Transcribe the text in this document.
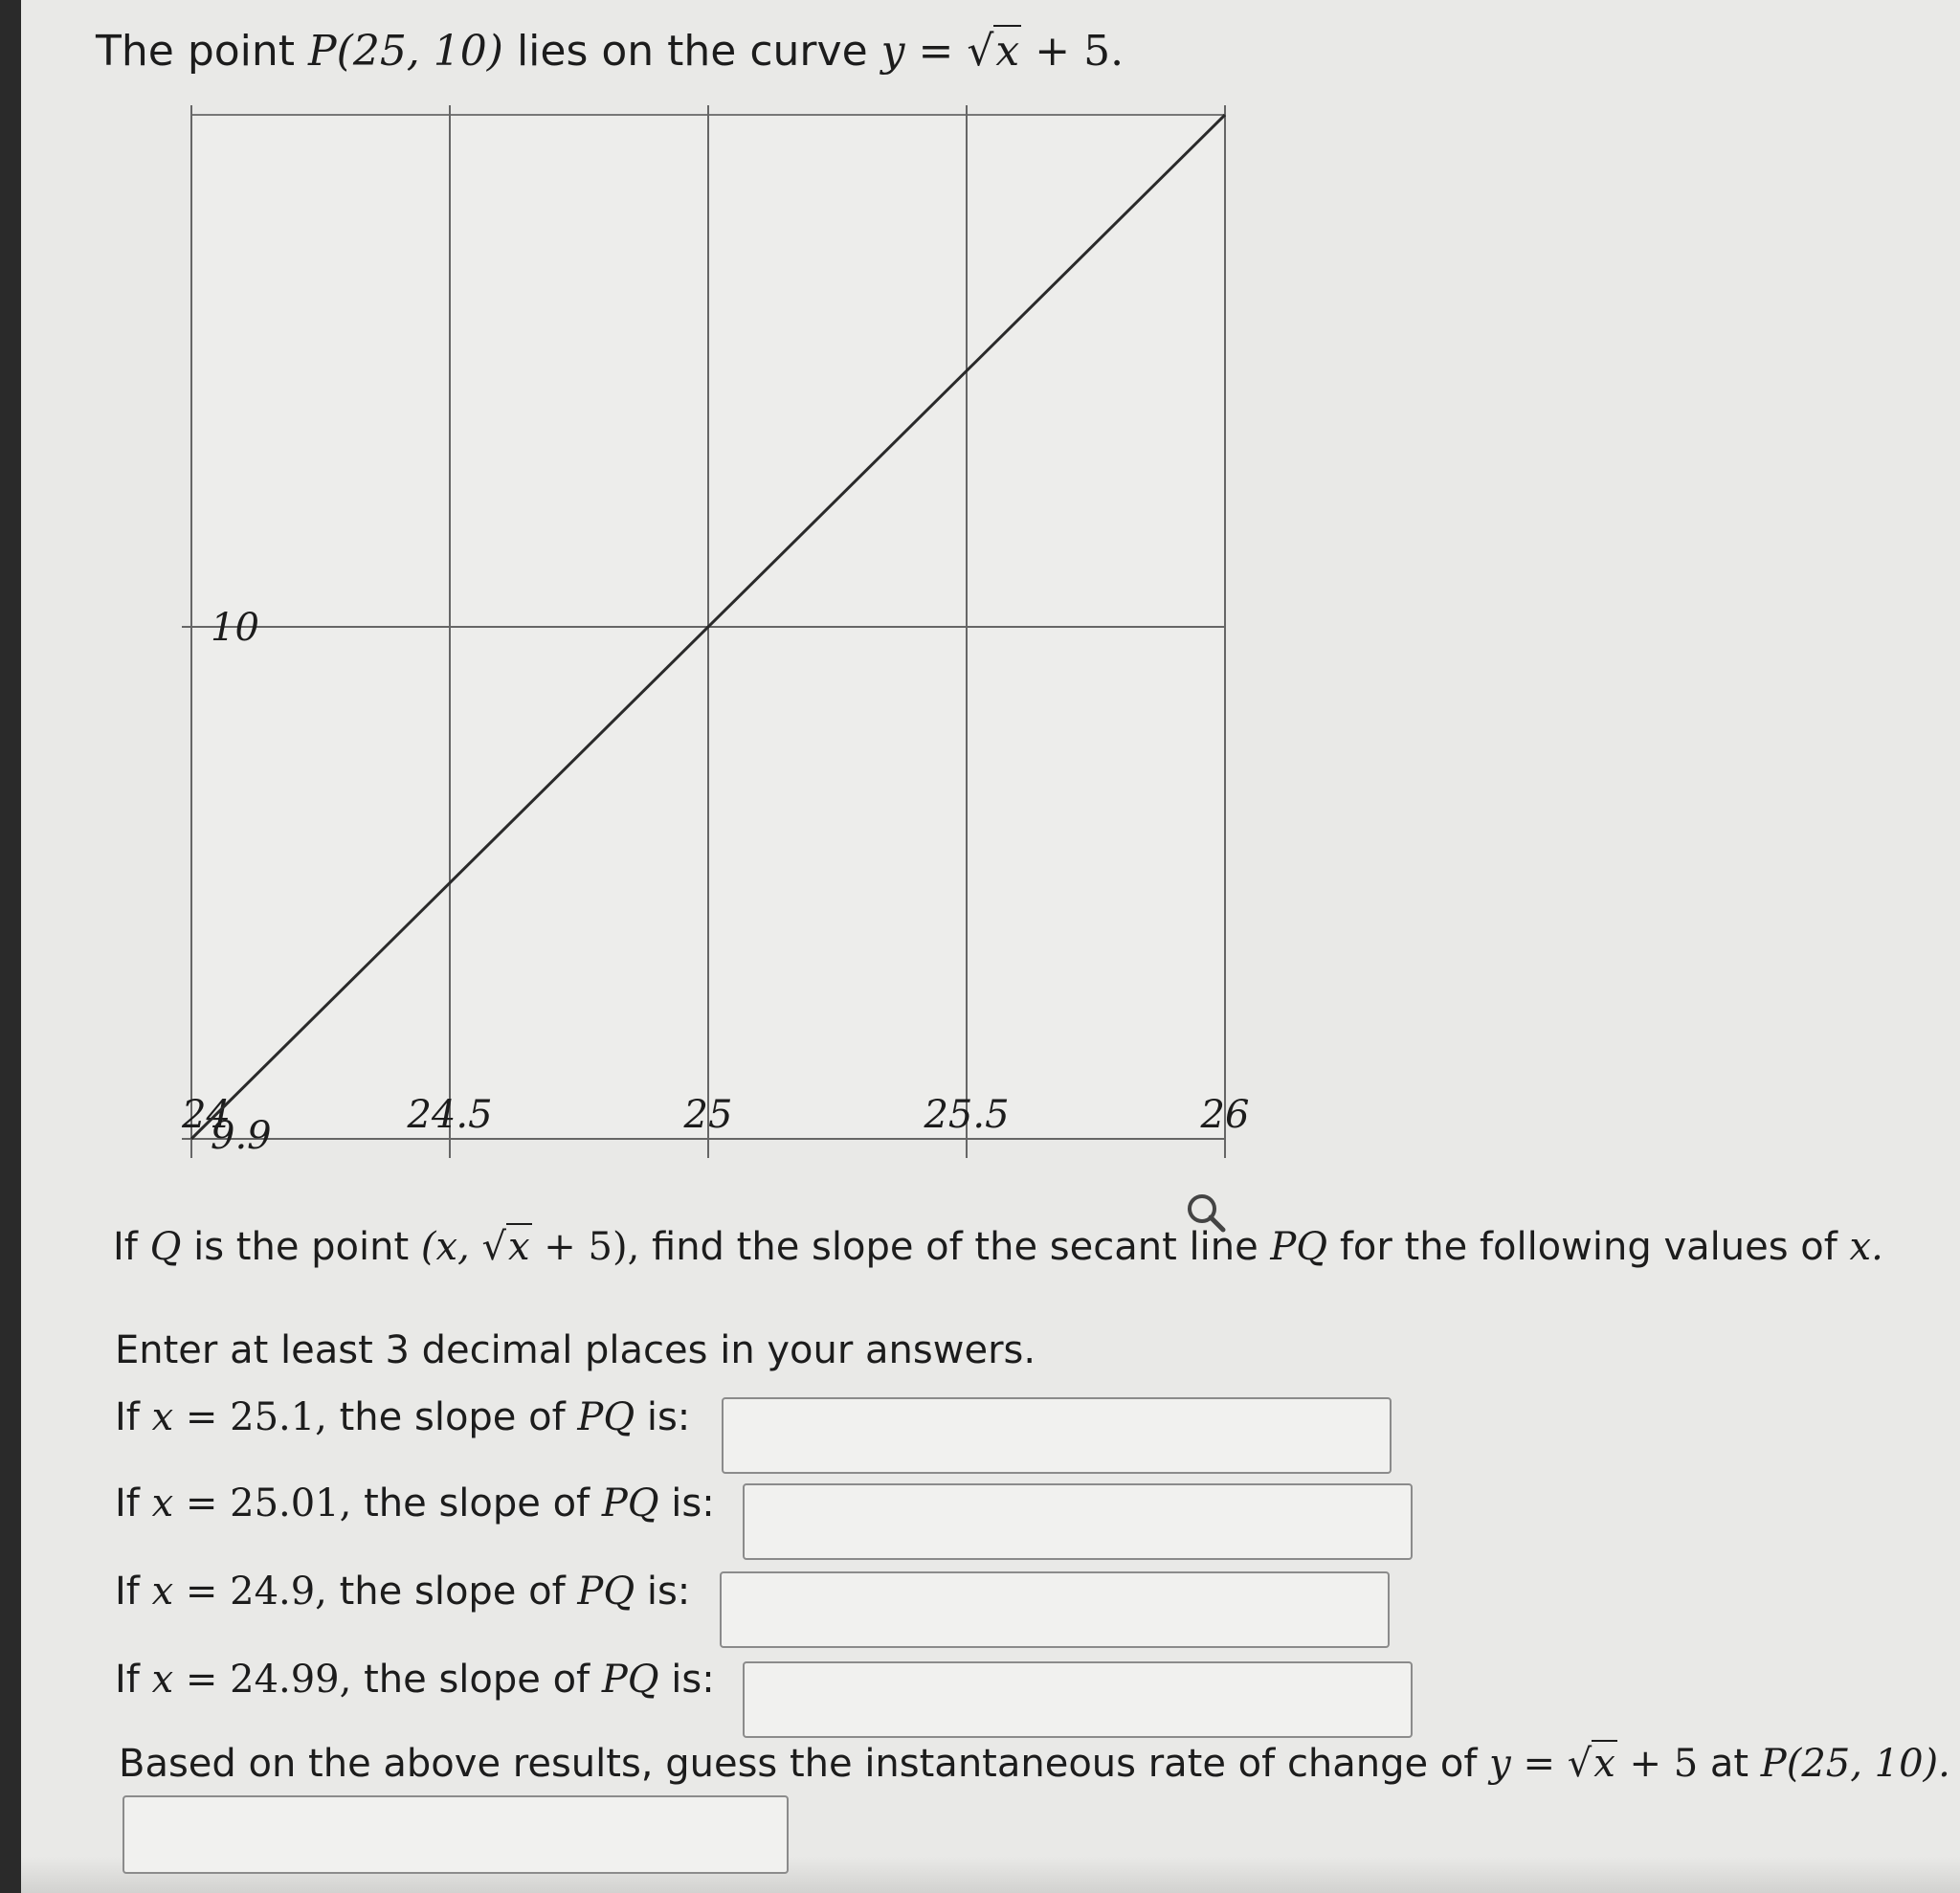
The point P(25, 10) lies on the curve y = √x + 5.
24	24.5	25	25.5	26
9.9
10
If Q is the point (x, √x + 5), find the slope of the secant line PQ for the following values of x.
Enter at least 3 decimal places in your answers.
If x = 25.1, the slope of PQ is:
If x = 25.01, the slope of PQ is:
If x = 24.9, the slope of PQ is:
If x = 24.99, the slope of PQ is:
Based on the above results, guess the instantaneous rate of change of y = √x + 5 at P(25, 10).
